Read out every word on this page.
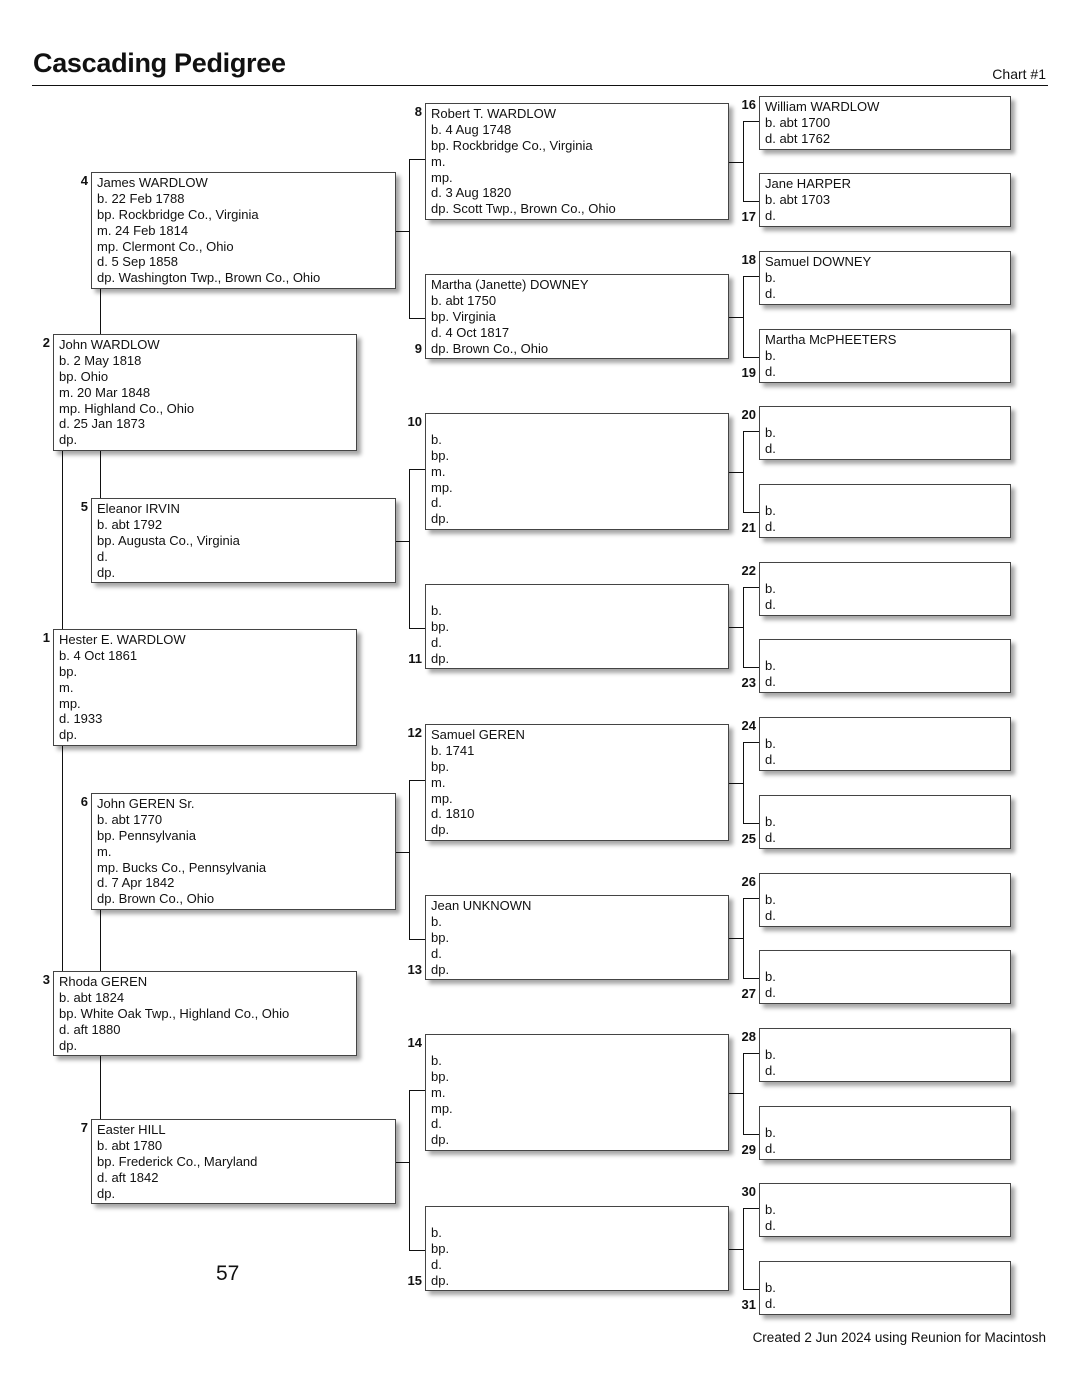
Cascading Pedigree	Chart #1
Hester E. WARDLOW
b. 4 Oct 1861
bp.
m.
mp.
d. 1933
dp.
1
John WARDLOW
b. 2 May 1818
bp. Ohio
m. 20 Mar 1848
mp. Highland Co., Ohio
d. 25 Jan 1873
dp.
2
Rhoda GEREN
b. abt 1824
bp. White Oak Twp., Highland Co., Ohio
d. aft 1880
dp.
3
James WARDLOW
b. 22 Feb 1788
bp. Rockbridge Co., Virginia
m. 24 Feb 1814
mp. Clermont Co., Ohio
d. 5 Sep 1858
dp. Washington Twp., Brown Co., Ohio
4
Eleanor IRVIN
b. abt 1792
bp. Augusta Co., Virginia
d.
dp.
5
John GEREN Sr.
b. abt 1770
bp. Pennsylvania
m.
mp. Bucks Co., Pennsylvania
d. 7 Apr 1842
dp. Brown Co., Ohio
6
Easter HILL
b. abt 1780
bp. Frederick Co., Maryland
d. aft 1842
dp.
7
Robert T. WARDLOW
b. 4 Aug 1748
bp. Rockbridge Co., Virginia
m.
mp.
d. 3 Aug 1820
dp. Scott Twp., Brown Co., Ohio
8
Martha (Janette) DOWNEY
b. abt 1750
bp. Virginia
d. 4 Oct 1817
dp. Brown Co., Ohio
9
b.
bp.
m.
mp.
d.
dp.
10
b.
bp.
d.
dp.
11
Samuel GEREN
b. 1741
bp.
m.
mp.
d. 1810
dp.
12
Jean UNKNOWN
b.
bp.
d.
dp.
13
b.
bp.
m.
mp.
d.
dp.
14
b.
bp.
d.
dp.
15
William WARDLOW
b. abt 1700
d. abt 1762
16
Jane HARPER
b. abt 1703
d.
17
Samuel DOWNEY
b.
d.
18
Martha McPHEETERS
b.
d.
19
b.
d.
20
b.
d.
21
b.
d.
22
b.
d.
23
b.
d.
24
b.
d.
25
b.
d.
26
b.
d.
27
b.
d.
28
b.
d.
29
b.
d.
30
b.
d.
31
57
Created 2 Jun 2024 using Reunion for Macintosh
